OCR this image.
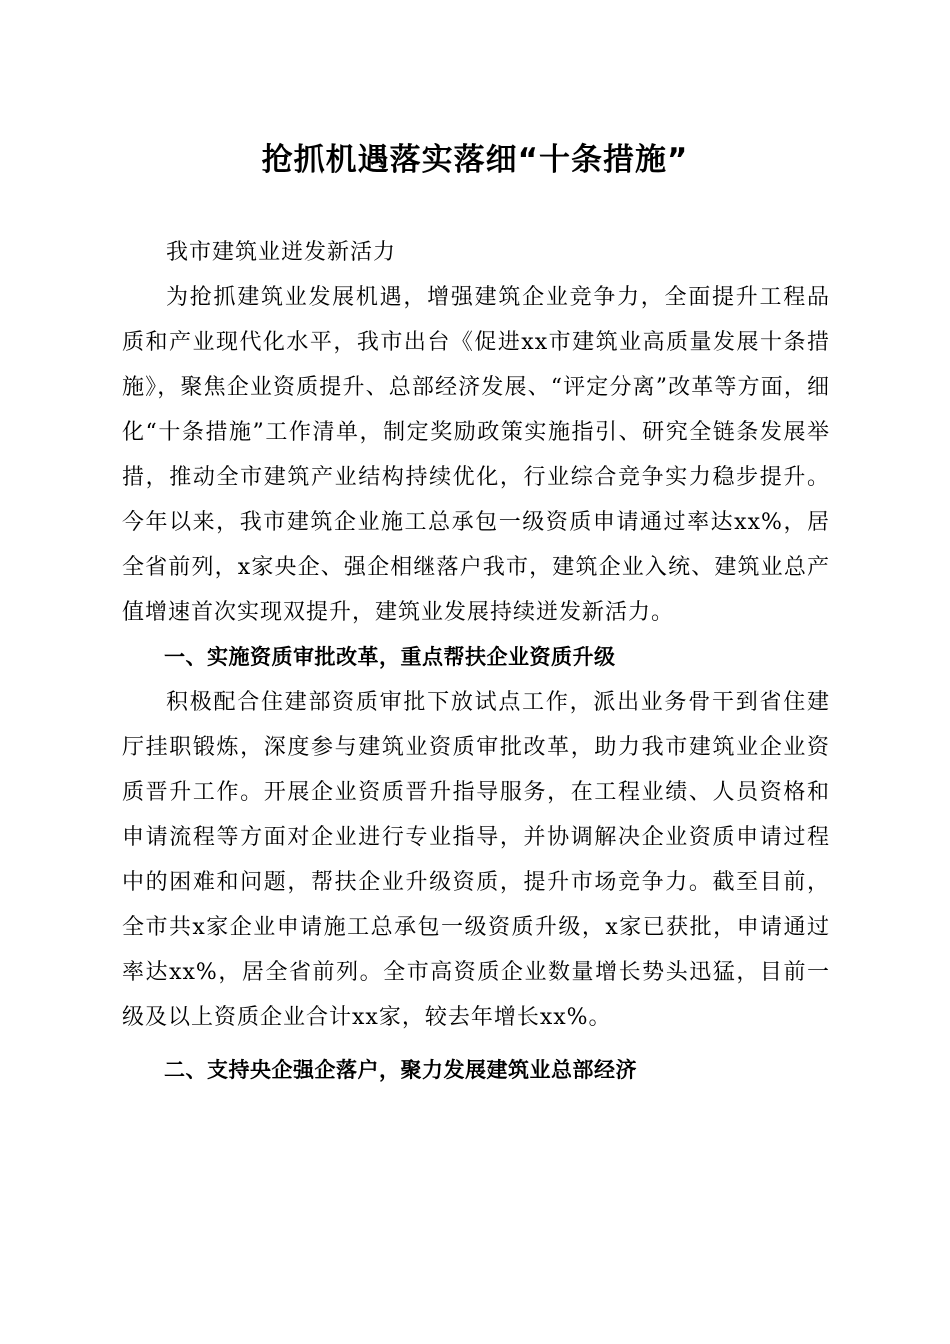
抢抓机遇落实落细“十条措施”

我市建筑业迸发新活力

为抢抓建筑业发展机遇，增强建筑企业竞争力，全面提升工程品质和产业现代化水平，我市出台《促进xx市建筑业高质量发展十条措施》，聚焦企业资质提升、总部经济发展、“评定分离”改革等方面，细化“十条措施”工作清单，制定奖励政策实施指引、研究全链条发展举措，推动全市建筑产业结构持续优化，行业综合竞争实力稳步提升。今年以来，我市建筑企业施工总承包一级资质申请通过率达xx%，居全省前列，x家央企、强企相继落户我市，建筑企业入统、建筑业总产值增速首次实现双提升，建筑业发展持续迸发新活力。

一、实施资质审批改革，重点帮扶企业资质升级

积极配合住建部资质审批下放试点工作，派出业务骨干到省住建厅挂职锻炼，深度参与建筑业资质审批改革，助力我市建筑业企业资质晋升工作。开展企业资质晋升指导服务，在工程业绩、人员资格和申请流程等方面对企业进行专业指导，并协调解决企业资质申请过程中的困难和问题，帮扶企业升级资质，提升市场竞争力。截至目前，全市共x家企业申请施工总承包一级资质升级，x家已获批，申请通过率达xx%，居全省前列。全市高资质企业数量增长势头迅猛，目前一级及以上资质企业合计xx家，较去年增长xx%。

二、支持央企强企落户，聚力发展建筑业总部经济
